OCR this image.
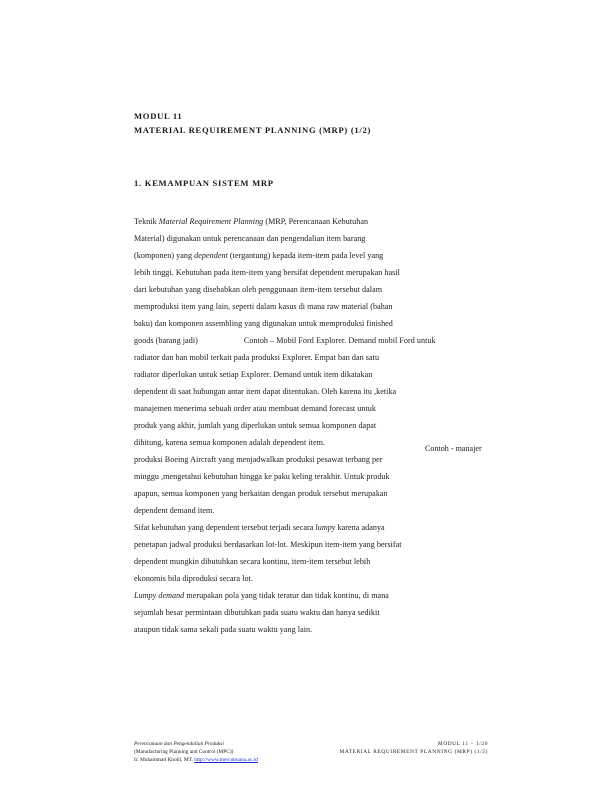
MODUL 11
MATERIAL REQUIREMENT PLANNING (MRP) (1/2)
1. KEMAMPUAN SISTEM MRP
Teknik Material Requirement Planning (MRP, Perencanaan Kebutuhan
Material) digunakan untuk perencanaan dan pengendalian item barang
(komponen) yang dependent (tergantung) kepada item-item pada level yang
lebih tinggi. Kebutuhan pada item-item yang bersifat dependent merupakan hasil
dari kebutuhan yang disebabkan oleh penggunaan item-item tersebut dalam
memproduksi item yang lain, seperti dalam kasus di mana raw material (bahan
baku) dan komponen assembling yang digunakan untuk memproduksi finished
goods (barang jadi)	Contoh – Mobil Ford Explorer. Demand mobil Ford untuk
radiator dan ban mobil terkait pada produksi Explorer. Empat ban dan satu
radiator diperlukan untuk setiap Explorer. Demand untuk item dikatakan
dependent di saat hubungan antar item dapat ditentukan. Oleh karena itu ,ketika
manajemen menerima sebuah order atau membuat demand forecast untuk
produk yang akhir, jumlah yang diperlukan untuk semua komponen dapat
dihitung, karena semua komponen adalah dependent item.
produksi Boeing Aircraft yang menjadwalkan produksi pesawat terbang per
minggu ,mengetahui kebutuhan hingga ke paku keling terakhir. Untuk produk
apapun, semua komponen yang berkaitan dengan produk tersebut merupakan
dependent demand item.
Sifat kebutuhan yang dependent tersebut terjadi secara lumpy karena adanya
penetapan jadwal produksi berdasarkan lot-lot. Meskipun item-item yang bersifat
dependent mungkin dibutuhkan secara kontinu, item-item tersebut lebih
ekonomis bila diproduksi secara lot.
Lumpy demand merupakan pola yang tidak teratur dan tidak kontinu, di mana
sejumlah besar permintaan dibutuhkan pada suatu waktu dan hanya sedikit
ataupun tidak sama sekali pada suatu waktu yang lain.
Contoh - manajer
Perencanaan dan Pengendalian Produksi
(Manufacturing Planning and Control (MPC))
Ir. Muhammad Kholil, MT. http://www.mercubuana.ac.id
MODUL 11 – 1/20
MATERIAL REQUIREMENT PLANNING (MRP) (1/2)
